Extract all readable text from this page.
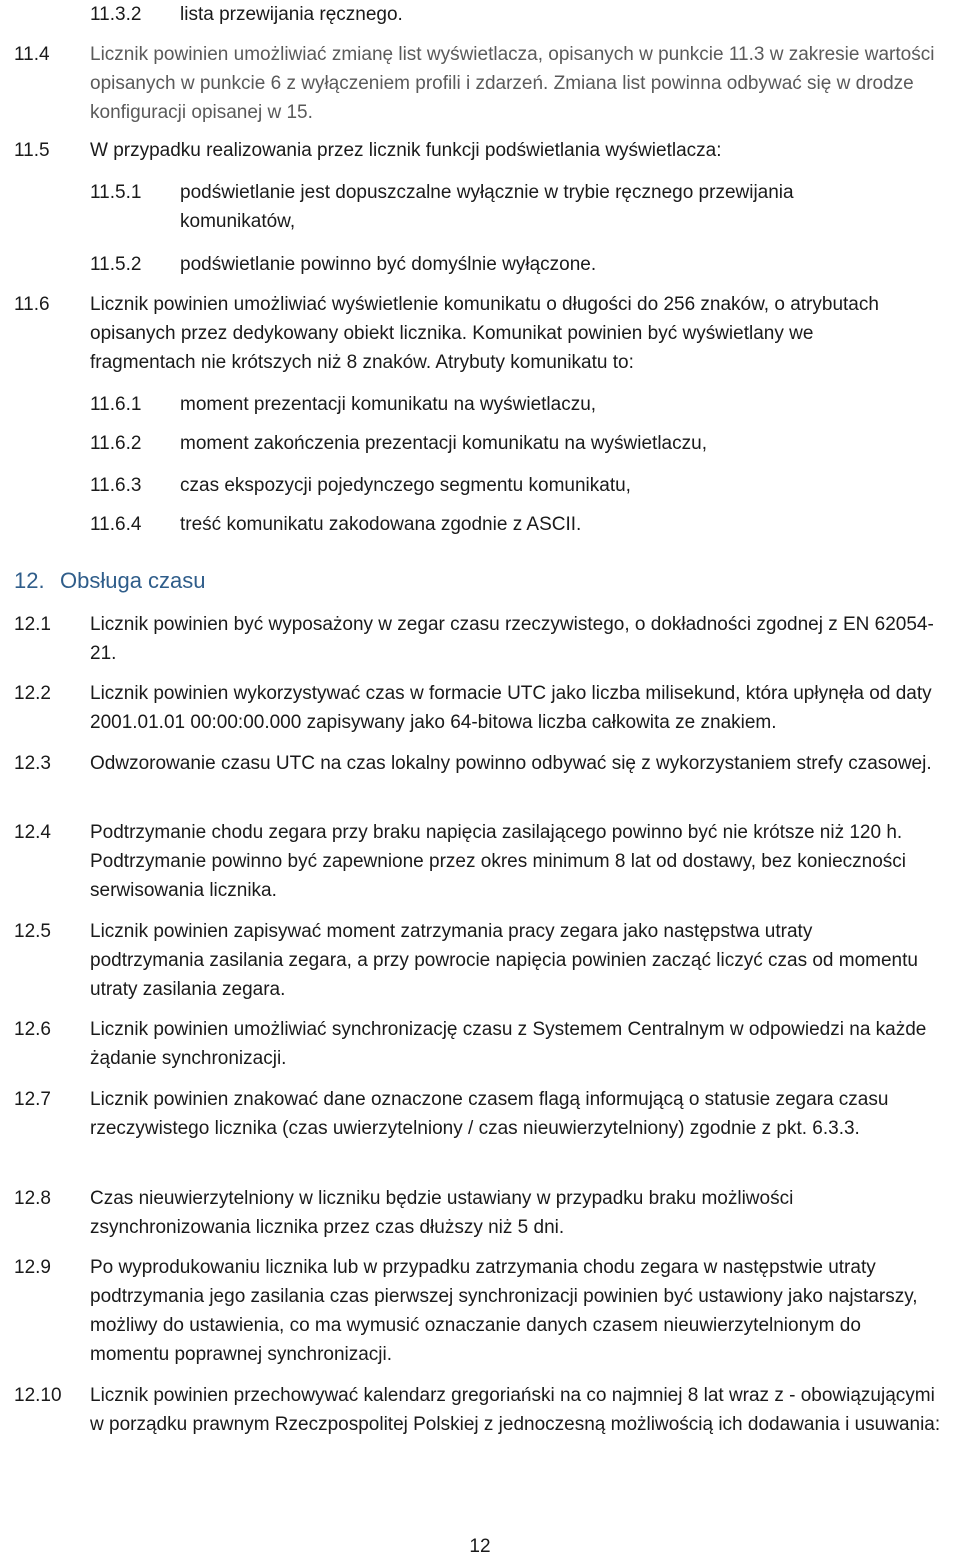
11.3.2 lista przewijania ręcznego.
11.4 Licznik powinien umożliwiać zmianę list wyświetlacza, opisanych w punkcie 11.3 w zakresie wartości opisanych w punkcie 6 z wyłączeniem profili i zdarzeń. Zmiana list powinna odbywać się w drodze konfiguracji opisanej w 15.
11.5 W przypadku realizowania przez licznik funkcji podświetlania wyświetlacza:
11.5.1 podświetlanie jest dopuszczalne wyłącznie w trybie ręcznego przewijania komunikatów,
11.5.2 podświetlanie powinno być domyślnie wyłączone.
11.6 Licznik powinien umożliwiać wyświetlenie komunikatu o długości do 256 znaków, o atrybutach opisanych przez dedykowany obiekt licznika. Komunikat powinien być wyświetlany we fragmentach nie krótszych niż 8 znaków. Atrybuty komunikatu to:
11.6.1 moment prezentacji komunikatu na wyświetlaczu,
11.6.2 moment zakończenia prezentacji komunikatu na wyświetlaczu,
11.6.3 czas ekspozycji pojedynczego segmentu komunikatu,
11.6.4 treść komunikatu zakodowana zgodnie z ASCII.
12. Obsługa czasu
12.1 Licznik powinien być wyposażony w zegar czasu rzeczywistego, o dokładności zgodnej z EN 62054-21.
12.2 Licznik powinien wykorzystywać czas w formacie UTC jako liczba milisekund, która upłynęła od daty 2001.01.01 00:00:00.000 zapisywany jako 64-bitowa liczba całkowita ze znakiem.
12.3 Odwzorowanie czasu UTC na czas lokalny powinno odbywać się z wykorzystaniem strefy czasowej.
12.4 Podtrzymanie chodu zegara przy braku napięcia zasilającego powinno być nie krótsze niż 120 h. Podtrzymanie powinno być zapewnione przez okres minimum 8 lat od dostawy, bez konieczności serwisowania licznika.
12.5 Licznik powinien zapisywać moment zatrzymania pracy zegara jako następstwa utraty podtrzymania zasilania zegara, a przy powrocie napięcia powinien zacząć liczyć czas od momentu utraty zasilania zegara.
12.6 Licznik powinien umożliwiać synchronizację czasu z Systemem Centralnym w odpowiedzi na każde żądanie synchronizacji.
12.7 Licznik powinien znakować dane oznaczone czasem flagą informującą o statusie zegara czasu rzeczywistego licznika (czas uwierzytelniony / czas nieuwierzytelniony) zgodnie z pkt. 6.3.3.
12.8 Czas nieuwierzytelniony w liczniku będzie ustawiany w przypadku braku możliwości zsynchronizowania licznika przez czas dłuższy niż 5 dni.
12.9 Po wyprodukowaniu licznika lub w przypadku zatrzymania chodu zegara w następstwie utraty podtrzymania jego zasilania czas pierwszej synchronizacji powinien być ustawiony jako najstarszy, możliwy do ustawienia, co ma wymusić oznaczanie danych czasem nieuwierzytelnionym do momentu poprawnej synchronizacji.
12.10 Licznik powinien przechowywać kalendarz gregoriański na co najmniej 8 lat wraz z - obowiązującymi w porządku prawnym Rzeczpospolitej Polskiej z jednoczesną możliwością ich dodawania i usuwania:
12
